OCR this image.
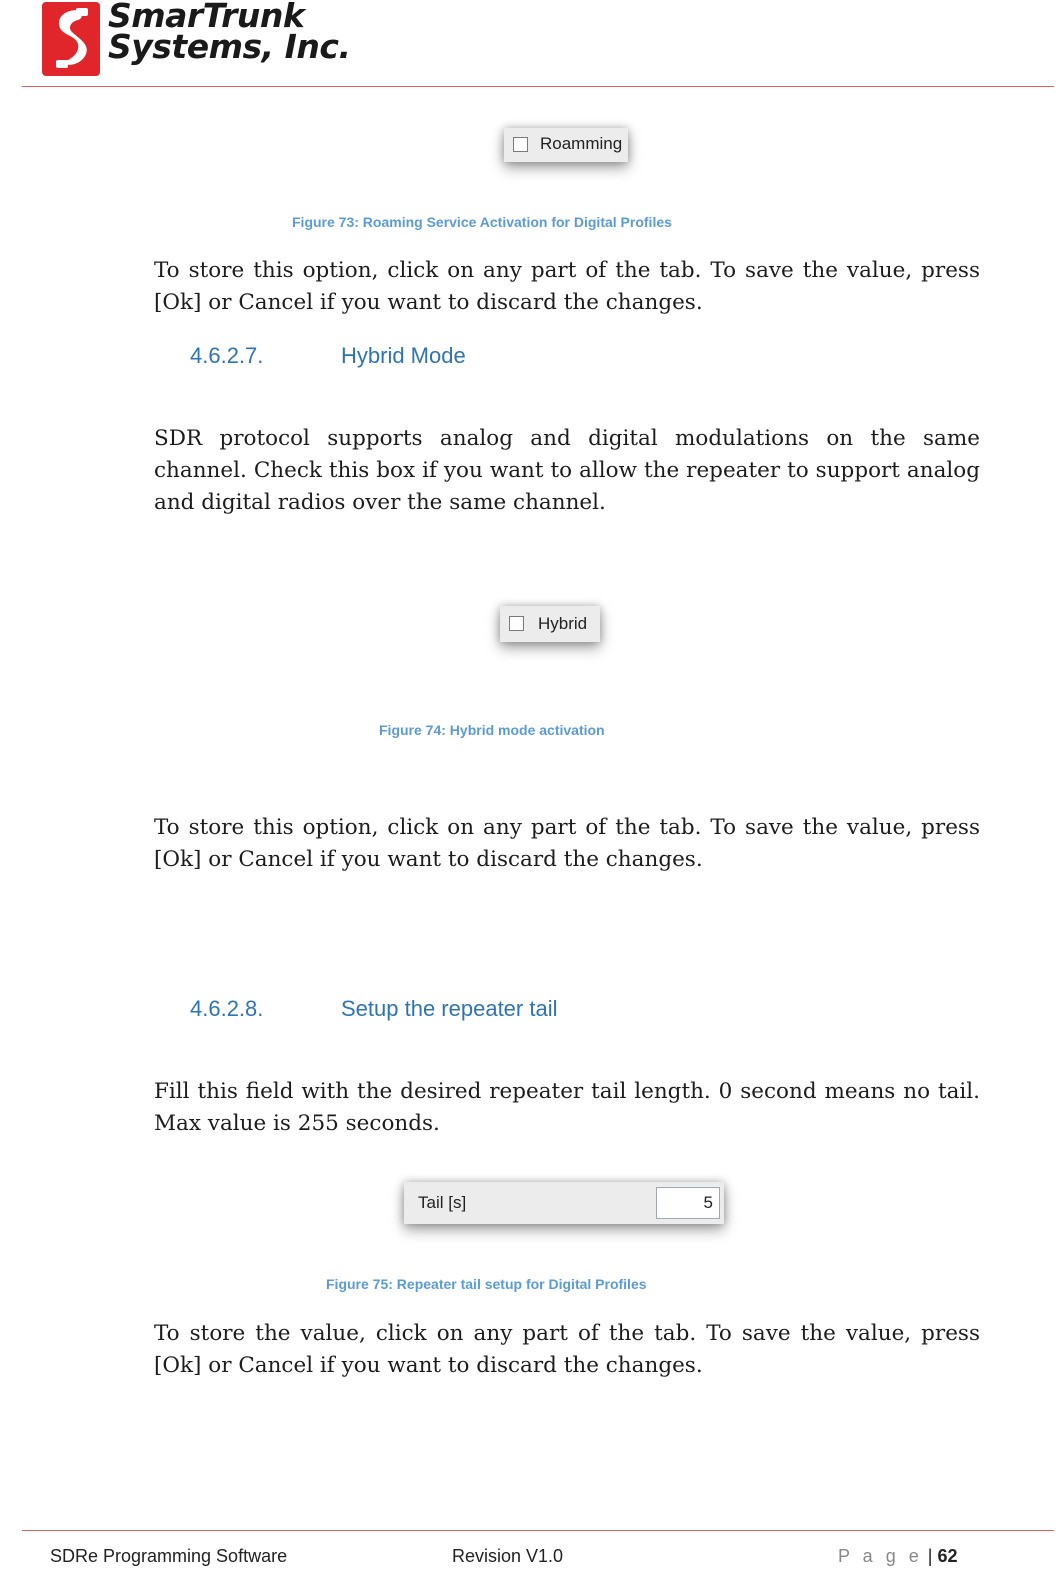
SmarTrunk
Systems, Inc.
Roamming
Figure 73: Roaming Service Activation for Digital Profiles
To store this option, click on any part of the tab. To save the value, press [Ok] or Cancel if you want to discard the changes.
4.6.2.7.	Hybrid Mode
SDR protocol supports analog and digital modulations on the same channel. Check this box if you want to allow the repeater to support analog and digital radios over the same channel.
Hybrid
Figure 74: Hybrid mode activation
To store this option, click on any part of the tab. To save the value, press [Ok] or Cancel if you want to discard the changes.
4.6.2.8.	Setup the repeater tail
Fill this field with the desired repeater tail length. 0 second means no tail. Max value is 255 seconds.
Tail [s]	5
Figure 75: Repeater tail setup for Digital Profiles
To store the value, click on any part of the tab. To save the value, press [Ok] or Cancel if you want to discard the changes.
SDRe Programming Software	Revision V1.0	P a g e | 62
